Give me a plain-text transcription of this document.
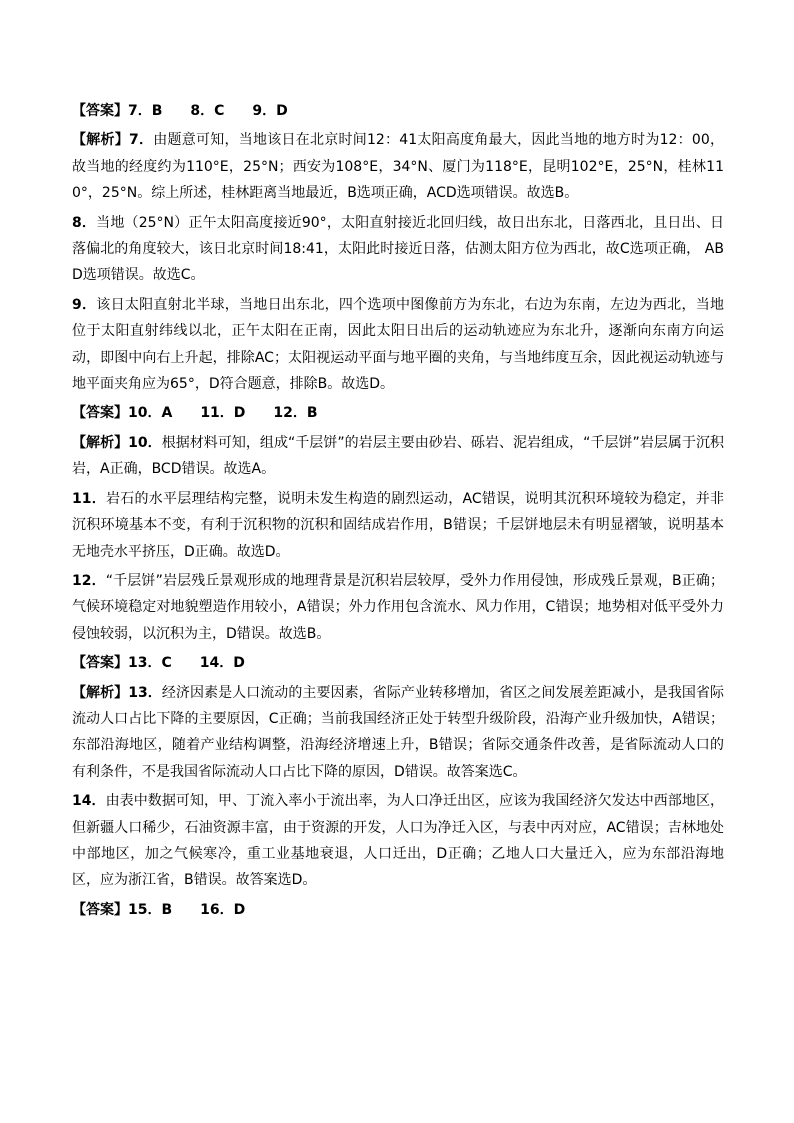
【答案】7．B　　8．C　　9．D

【解析】7．由题意可知，当地该日在北京时间12：41太阳高度角最大，因此当地的地方时为12：00，故当地的经度约为110°E，25°N；西安为108°E，34°N、厦门为118°E，昆明102°E，25°N，桂林110°，25°N。综上所述，桂林距离当地最近，B选项正确，ACD选项错误。故选B。

8．当地（25°N）正午太阳高度接近90°，太阳直射接近北回归线，故日出东北，日落西北，且日出、日落偏北的角度较大，该日北京时间18:41，太阳此时接近日落，估测太阳方位为西北，故C选项正确， ABD选项错误。故选C。

9．该日太阳直射北半球，当地日出东北，四个选项中图像前方为东北，右边为东南，左边为西北，当地位于太阳直射纬线以北，正午太阳在正南，因此太阳日出后的运动轨迹应为东北升，逐渐向东南方向运动，即图中向右上升起，排除AC；太阳视运动平面与地平圈的夹角，与当地纬度互余，因此视运动轨迹与地平面夹角应为65°，D符合题意，排除B。故选D。

【答案】10．A　　11．D　　12．B

【解析】10．根据材料可知，组成“千层饼”的岩层主要由砂岩、砾岩、泥岩组成，“千层饼”岩层属于沉积岩，A正确，BCD错误。故选A。

11．岩石的水平层理结构完整，说明未发生构造的剧烈运动，AC错误，说明其沉积环境较为稳定，并非沉积环境基本不变，有利于沉积物的沉积和固结成岩作用，B错误；千层饼地层未有明显褶皱，说明基本无地壳水平挤压，D正确。故选D。

12．“千层饼”岩层残丘景观形成的地理背景是沉积岩层较厚，受外力作用侵蚀，形成残丘景观，B正确；气候环境稳定对地貌塑造作用较小，A错误；外力作用包含流水、风力作用，C错误；地势相对低平受外力侵蚀较弱，以沉积为主，D错误。故选B。

【答案】13．C　　14．D

【解析】13．经济因素是人口流动的主要因素，省际产业转移增加，省区之间发展差距减小，是我国省际流动人口占比下降的主要原因，C正确；当前我国经济正处于转型升级阶段，沿海产业升级加快，A错误；东部沿海地区，随着产业结构调整，沿海经济增速上升，B错误；省际交通条件改善，是省际流动人口的有利条件，不是我国省际流动人口占比下降的原因，D错误。故答案选C。

14．由表中数据可知，甲、丁流入率小于流出率，为人口净迁出区，应该为我国经济欠发达中西部地区，但新疆人口稀少，石油资源丰富，由于资源的开发，人口为净迁入区，与表中丙对应，AC错误；吉林地处中部地区，加之气候寒冷，重工业基地衰退，人口迁出，D正确；乙地人口大量迁入，应为东部沿海地区，应为浙江省，B错误。故答案选D。

【答案】15．B　　16．D
